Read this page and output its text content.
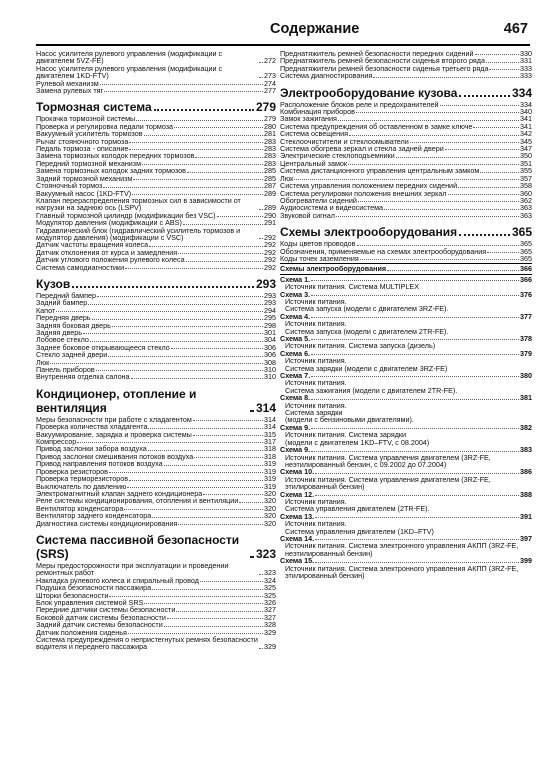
Содержание	467
Насос усилителя рулевого управления (модификации с двигателем 5VZ-FE)	272
Насос усилителя рулевого управления (модификации с двигателем 1KD-FTV)	273
Рулевой механизм	274
Замена рулевых тяг	277
Тормозная система	279
Прокачка тормозной системы	279
Проверка и регулировка педали тормоза	280
Вакуумный усилитель тормозов	281
Рычаг стояночного тормоза	283
Педаль тормоза - описание	283
Замена тормозных колодок передних тормозов	283
Передний тормозной механизм	283
Замена тормозных колодок задних тормозов	285
Задний тормозной механизм	285
Стояночный тормоз	287
Вакуумный насос (1KD-FTV)	289
Клапан перераспределения тормозных сил в зависимости от нагрузки на заднюю ось (LSPV)	289
Главный тормозной цилиндр (модификации без VSC)	290
Модулятор давления (модификации с ABS)	291
Гидравлический блок (гидравлический усилитель тормозов и модулятор давления) (модификации с VSC)	292
Датчик частоты вращения колеса	292
Датчик отклонения от курса и замедления	292
Датчик углового положения рулевого колеса	292
Система самодиагностики	292
Кузов	293
Передний бампер	293
Задний бампер	293
Капот	294
Передняя дверь	295
Задняя боковая дверь	298
Задняя дверь	301
Лобовое стекло	304
Заднее боковое открывающееся стекло	306
Стекло задней двери	306
Люк	308
Панель приборов	310
Внутренняя отделка салона	310
Кондиционер, отопление и вентиляция	314
Меры безопасности при работе с хладагентом	314
Проверка количества хладагента	314
Вакуумирование, зарядка и проверка системы	315
Компрессор	317
Привод заслонки забора воздуха	318
Привод заслонки смешивания потоков воздуха	318
Привод направления потоков воздуха	319
Проверка резисторов	319
Проверка терморезисторов	319
Выключатель по давлению	319
Электромагнитный клапан заднего кондиционера	320
Реле системы кондиционирования, отопления и вентиляции	320
Вентилятор конденсатора	320
Вентилятор заднего конденсатора	320
Диагностика системы кондиционирования	320
Система пассивной безопасности (SRS)	323
Меры предосторожности при эксплуатации и проведении ремонтных работ	323
Накладка рулевого колеса и спиральный провод	324
Подушка безопасности пассажира	325
Шторки безопасности	325
Блок управления системой SRS	326
Передние датчики системы безопасности	327
Боковой датчик системы безопасности	327
Задний датчик системы безопасности	328
Датчик положения сиденья	329
Система предупреждения о непристегнутых ремнях безопасности водителя и переднего пассажира	329
Преднатяжитель ремней безопасности передних сидений	330
Преднатяжитель ремней безопасности сиденья второго ряда	331
Преднатяжители ремней безопасности сиденья третьего ряда	333
Система диагностирования	333
Электрооборудование кузова	334
Расположение блоков реле и предохранителей	334
Комбинация приборов	340
Замок зажигания	341
Система предупреждения об оставленном в замке ключе	341
Система освещения	342
Стеклоочистители и стеклоомыватели	345
Система обогрева зеркал и стекла задней двери	347
Электрические стеклоподъемники	350
Центральный замок	351
Система дистанционного управления центральным замком	355
Люк	357
Система управления положением передних сидений	358
Система регулировки положения внешних зеркал	360
Обогреватели сидений	362
Аудиосистема и видеосистема	363
Звуковой сигнал	363
Схемы электрооборудования	365
Коды цветов проводов	365
Обозначения, применяемые на схемах электрооборудования	365
Коды точек заземления	365
Схемы электрооборудования	366
Схема 1.	366
Источник питания. Система MULTIPLEX
Схема 3.	376
Источник питания.
Система запуска (модели с двигателем 3RZ-FE).
Схема 4.	377
Источник питания.
Система запуска (модели с двигателем 2TR-FE).
Схема 5.	378
Источник питания. Система запуска (дизель)
Схема 6.	379
Источник питания.
Система зарядки (модели с двигателем 3RZ-FE)
Схема 7.	380
Источник питания.
Система зажигания (модели с двигателем 2TR-FE).
Схема 8.	381
Источник питания.
Система зарядки
(модели с бензиновыми двигателями).
Схема 9.	382
Источник питания. Система зарядки
(модели с двигателем 1KD–FTV, с 08.2004)
Схема 9.	383
Источник питания. Система управления двигателем (3RZ-FE, неэтилированный бензин, с 09.2002 до 07.2004)
Схема 10.	386
Источник питания. Система управления двигателем (3RZ-FE, этилированный бензин)
Схема 12.	388
Источник питания.
Система управления двигателем (2TR-FE).
Схема 13.	391
Источник питания.
Система управления двигателем (1KD–FTV)
Схема 14.	397
Источник питания. Система электронного управления АКПП (3RZ-FE, неэтилированный бензин)
Схема 15.	399
Источник питания. Система электронного управления АКПП (3RZ-FE, этилированный бензин)
